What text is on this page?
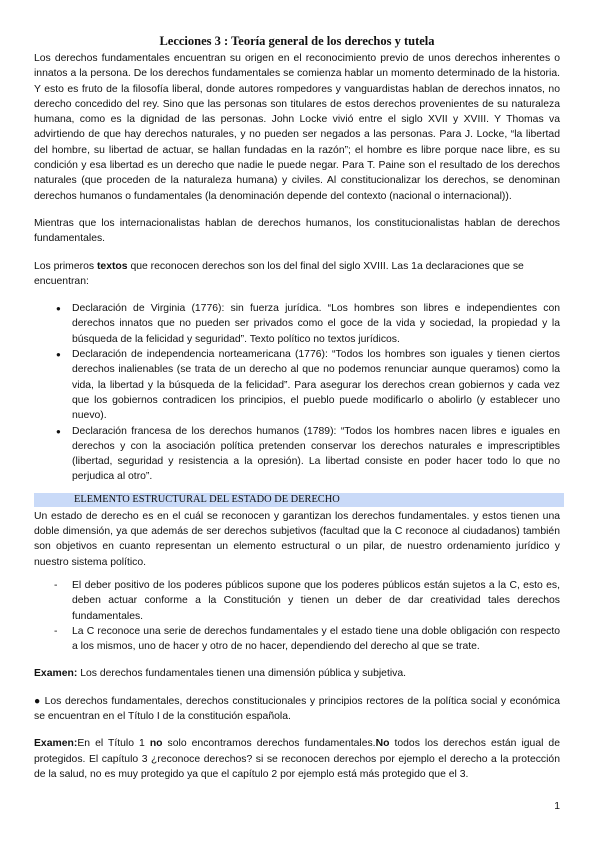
Lecciones 3 : Teoría general de los derechos y tutela

Los derechos fundamentales encuentran su origen en el reconocimiento previo de unos derechos inherentes o innatos a la persona. De los derechos fundamentales se comienza hablar un momento determinado de la historia. Y esto es fruto de la filosofía liberal, donde autores rompedores y vanguardistas hablan de derechos innatos, no derecho concedido del rey. Sino que las personas son titulares de estos derechos provenientes de su naturaleza humana, como es la dignidad de las personas. John Locke vivió entre el siglo XVII y XVIII. Y Thomas va advirtiendo de que hay derechos naturales, y no pueden ser negados a las personas. Para J. Locke, “la libertad del hombre, su libertad de actuar, se hallan fundadas en la razón”; el hombre es libre porque nace libre, es su condición y esa libertad es un derecho que nadie le puede negar. Para T. Paine son el resultado de los derechos naturales (que proceden de la naturaleza humana) y civiles. Al constitucionalizar los derechos, se denominan derechos humanos o fundamentales (la denominación depende del contexto (nacional o internacional)).

Mientras que los internacionalistas hablan de derechos humanos, los constitucionalistas hablan de derechos fundamentales.

Los primeros textos que reconocen derechos son los del final del siglo XVIII. Las 1a declaraciones que se encuentran:

● Declaración de Virginia (1776): sin fuerza jurídica. “Los hombres son libres e independientes con derechos innatos que no pueden ser privados como el goce de la vida y sociedad, la propiedad y la búsqueda de la felicidad y seguridad”. Texto político no textos jurídicos.
● Declaración de independencia norteamericana (1776): “Todos los hombres son iguales y tienen ciertos derechos inalienables (se trata de un derecho al que no podemos renunciar aunque queramos) como la vida, la libertad y la búsqueda de la felicidad”. Para asegurar los derechos crean gobiernos y cada vez que los gobiernos contradicen los principios, el pueblo puede modificarlo o abolirlo (y establecer uno nuevo).
● Declaración francesa de los derechos humanos (1789): “Todos los hombres nacen libres e iguales en derechos y con la asociación política pretenden conservar los derechos naturales e imprescriptibles (libertad, seguridad y resistencia a la opresión). La libertad consiste en poder hacer todo lo que no perjudica al otro”.
ELEMENTO ESTRUCTURAL DEL ESTADO DE DERECHO

Un estado de derecho es en el cuál se reconocen y garantizan los derechos fundamentales. y estos tienen una doble dimensión, ya que además de ser derechos subjetivos (facultad que la C reconoce al ciudadanos) también son objetivos en cuanto representan un elemento estructural o un pilar, de nuestro ordenamiento jurídico y nuestro sistema político.

- El deber positivo de los poderes públicos supone que los poderes públicos están sujetos a la C, esto es, deben actuar conforme a la Constitución y tienen un deber de dar creatividad tales derechos fundamentales.
- La C reconoce una serie de derechos fundamentales y el estado tiene una doble obligación con respecto a los mismos, uno de hacer y otro de no hacer, dependiendo del derecho al que se trate.

Examen: Los derechos fundamentales tienen una dimensión pública y subjetiva.

● Los derechos fundamentales, derechos constitucionales y principios rectores de la política social y económica se encuentran en el Título I de la constitución española.

Examen:En el Título 1 no solo encontramos derechos fundamentales.No todos los derechos están igual de protegidos. El capítulo 3 ¿reconoce derechos? si se reconocen derechos por ejemplo el derecho a la protección de la salud, no es muy protegido ya que el capítulo 2 por ejemplo está más protegido que el 3.

1
